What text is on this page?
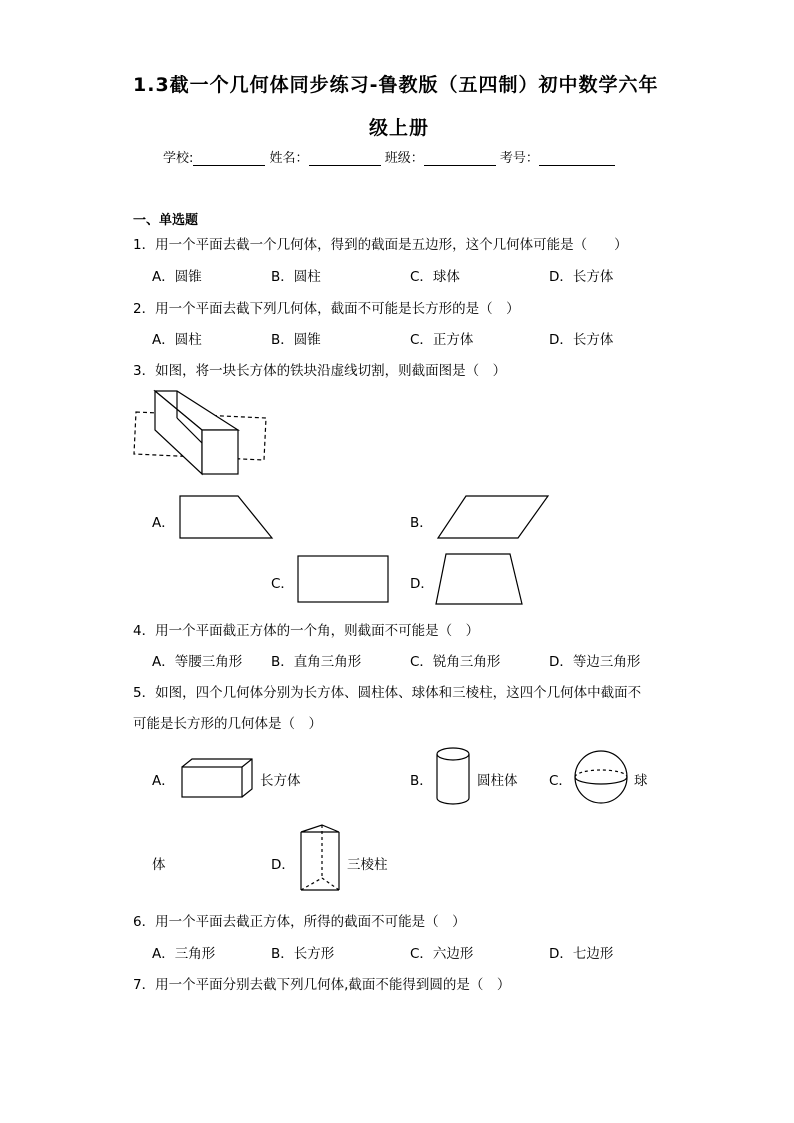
1.3截一个几何体同步练习-鲁教版（五四制）初中数学六年
级上册
学校:	姓名：	班级：	考号：
一、单选题
1．用一个平面去截一个几何体，得到的截面是五边形，这个几何体可能是（　　）
A．圆锥	B．圆柱	C．球体	D．长方体
2．用一个平面去截下列几何体，截面不可能是长方形的是（　）
A．圆柱	B．圆锥	C．正方体	D．长方体
3．如图，将一块长方体的铁块沿虚线切割，则截面图是（　）
A．	B．
C．	D．
4．用一个平面截正方体的一个角，则截面不可能是（　）
A．等腰三角形 B．直角三角形	C．锐角三角形	D．等边三角形
5．如图，四个几何体分别为长方体、圆柱体、球体和三棱柱，这四个几何体中截面不
可能是长方形的几何体是（　）
A．	长方体	B．	圆柱体 C．	球
体	D．	三棱柱
6．用一个平面去截正方体，所得的截面不可能是（　）
A．三角形	B．长方形	C．六边形	D．七边形
7．用一个平面分别去截下列几何体,截面不能得到圆的是（　）
